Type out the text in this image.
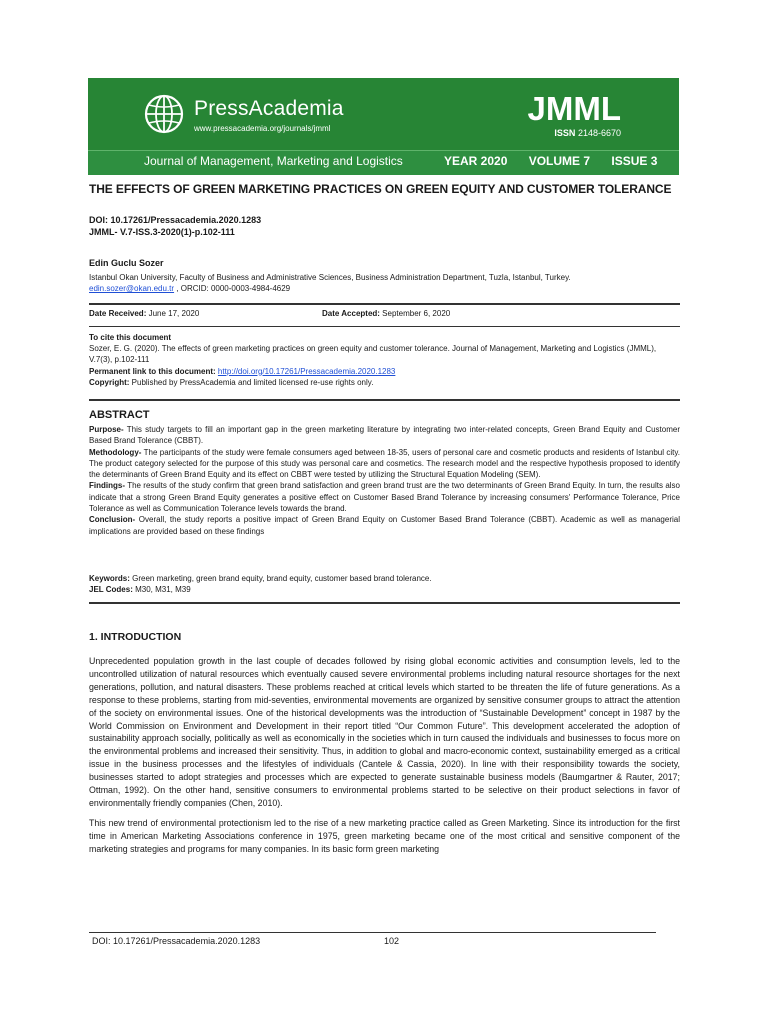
PressAcademia
www.pressacademia.org/journals/jmml
JMML
ISSN 2148-6670
Journal of Management, Marketing and Logistics	YEAR 2020 VOLUME 7 ISSUE 3
THE EFFECTS OF GREEN MARKETING PRACTICES ON GREEN EQUITY AND CUSTOMER TOLERANCE
DOI: 10.17261/Pressacademia.2020.1283
JMML- V.7-ISS.3-2020(1)-p.102-111
Edin Guclu Sozer
Istanbul Okan University, Faculty of Business and Administrative Sciences, Business Administration Department, Tuzla, Istanbul, Turkey.
edin.sozer@okan.edu.tr , ORCID: 0000-0003-4984-4629
Date Received: June 17, 2020	Date Accepted: September 6, 2020
To cite this document
Sozer, E. G. (2020). The effects of green marketing practices on green equity and customer tolerance. Journal of Management, Marketing and Logistics (JMML), V.7(3), p.102-111
Permanent link to this document: http://doi.org/10.17261/Pressacademia.2020.1283
Copyright: Published by PressAcademia and limited licensed re-use rights only.
ABSTRACT

Purpose- This study targets to fill an important gap in the green marketing literature by integrating two inter-related concepts, Green Brand Equity and Customer Based Brand Tolerance (CBBT).

Methodology- The participants of the study were female consumers aged between 18-35, users of personal care and cosmetic products and residents of Istanbul city. The product category selected for the purpose of this study was personal care and cosmetics. The research model and the respective hypothesis proposed to identify the determinants of Green Brand Equity and its effect on CBBT were tested by utilizing the Structural Equation Modeling (SEM).

Findings- The results of the study confirm that green brand satisfaction and green brand trust are the two determinants of Green Brand Equity. In turn, the results also indicate that a strong Green Brand Equity generates a positive effect on Customer Based Brand Tolerance by increasing consumers' Performance Tolerance, Price Tolerance as well as Communication Tolerance levels towards the brand.

Conclusion- Overall, the study reports a positive impact of Green Brand Equity on Customer Based Brand Tolerance (CBBT). Academic as well as managerial implications are provided based on these findings

Keywords: Green marketing, green brand equity, brand equity, customer based brand tolerance.
JEL Codes: M30, M31, M39
1. INTRODUCTION

Unprecedented population growth in the last couple of decades followed by rising global economic activities and consumption levels, led to the uncontrolled utilization of natural resources which eventually caused severe environmental problems including natural resource shortages for the next generations, pollution, and natural disasters. These problems reached at critical levels which started to be threaten the life of future generations. As a response to these problems, starting from mid-seventies, environmental movements are organized by sensitive consumer groups to attract the attention of the society on environmental issues. One of the historical developments was the introduction of “Sustainable Development” concept in 1987 by the World Commission on Environment and Development in their report titled “Our Common Future”. This development accelerated the adoption of sustainability approach socially, politically as well as economically in the societies which in turn caused the individuals and businesses to focus more on the environmental problems and increased their sensitivity. Thus, in addition to global and macro-economic context, sustainability emerged as a critical issue in the business processes and the lifestyles of individuals (Cantele & Cassia, 2020). In line with their responsibility towards the society, businesses started to adopt strategies and processes which are expected to generate sustainable business models (Baumgartner & Rauter, 2017; Ottman, 1992). On the other hand, sensitive consumers to environmental problems started to be selective on their product selections in favor of environmentally friendly companies (Chen, 2010).

This new trend of environmental protectionism led to the rise of a new marketing practice called as Green Marketing. Since its introduction for the first time in American Marketing Associations conference in 1975, green marketing became one of the most critical and sensitive component of the marketing strategies and programs for many companies. In its basic form green marketing

DOI: 10.17261/Pressacademia.2020.1283	102
